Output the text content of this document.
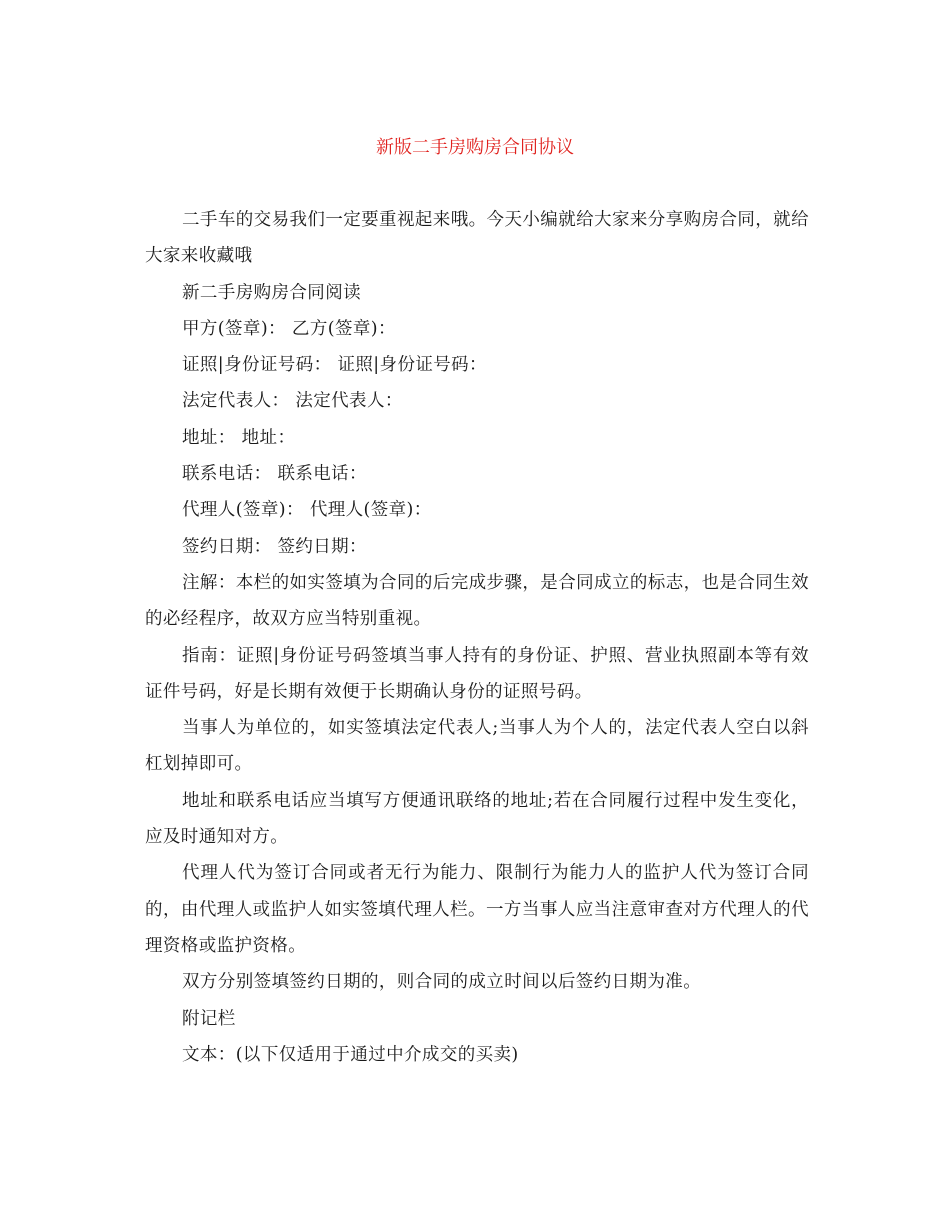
新版二手房购房合同协议

二手车的交易我们一定要重视起来哦。今天小编就给大家来分享购房合同，就给大家来收藏哦

新二手房购房合同阅读

甲方(签章)： 乙方(签章)：

证照|身份证号码： 证照|身份证号码：

法定代表人： 法定代表人：

地址： 地址：

联系电话： 联系电话：

代理人(签章)： 代理人(签章)：

签约日期： 签约日期：

注解：本栏的如实签填为合同的后完成步骤，是合同成立的标志，也是合同生效的必经程序，故双方应当特别重视。

指南：证照|身份证号码签填当事人持有的身份证、护照、营业执照副本等有效证件号码，好是长期有效便于长期确认身份的证照号码。

当事人为单位的，如实签填法定代表人;当事人为个人的，法定代表人空白以斜杠划掉即可。

地址和联系电话应当填写方便通讯联络的地址;若在合同履行过程中发生变化，应及时通知对方。

代理人代为签订合同或者无行为能力、限制行为能力人的监护人代为签订合同的，由代理人或监护人如实签填代理人栏。一方当事人应当注意审查对方代理人的代理资格或监护资格。

双方分别签填签约日期的，则合同的成立时间以后签约日期为准。

附记栏

文本：(以下仅适用于通过中介成交的买卖)
